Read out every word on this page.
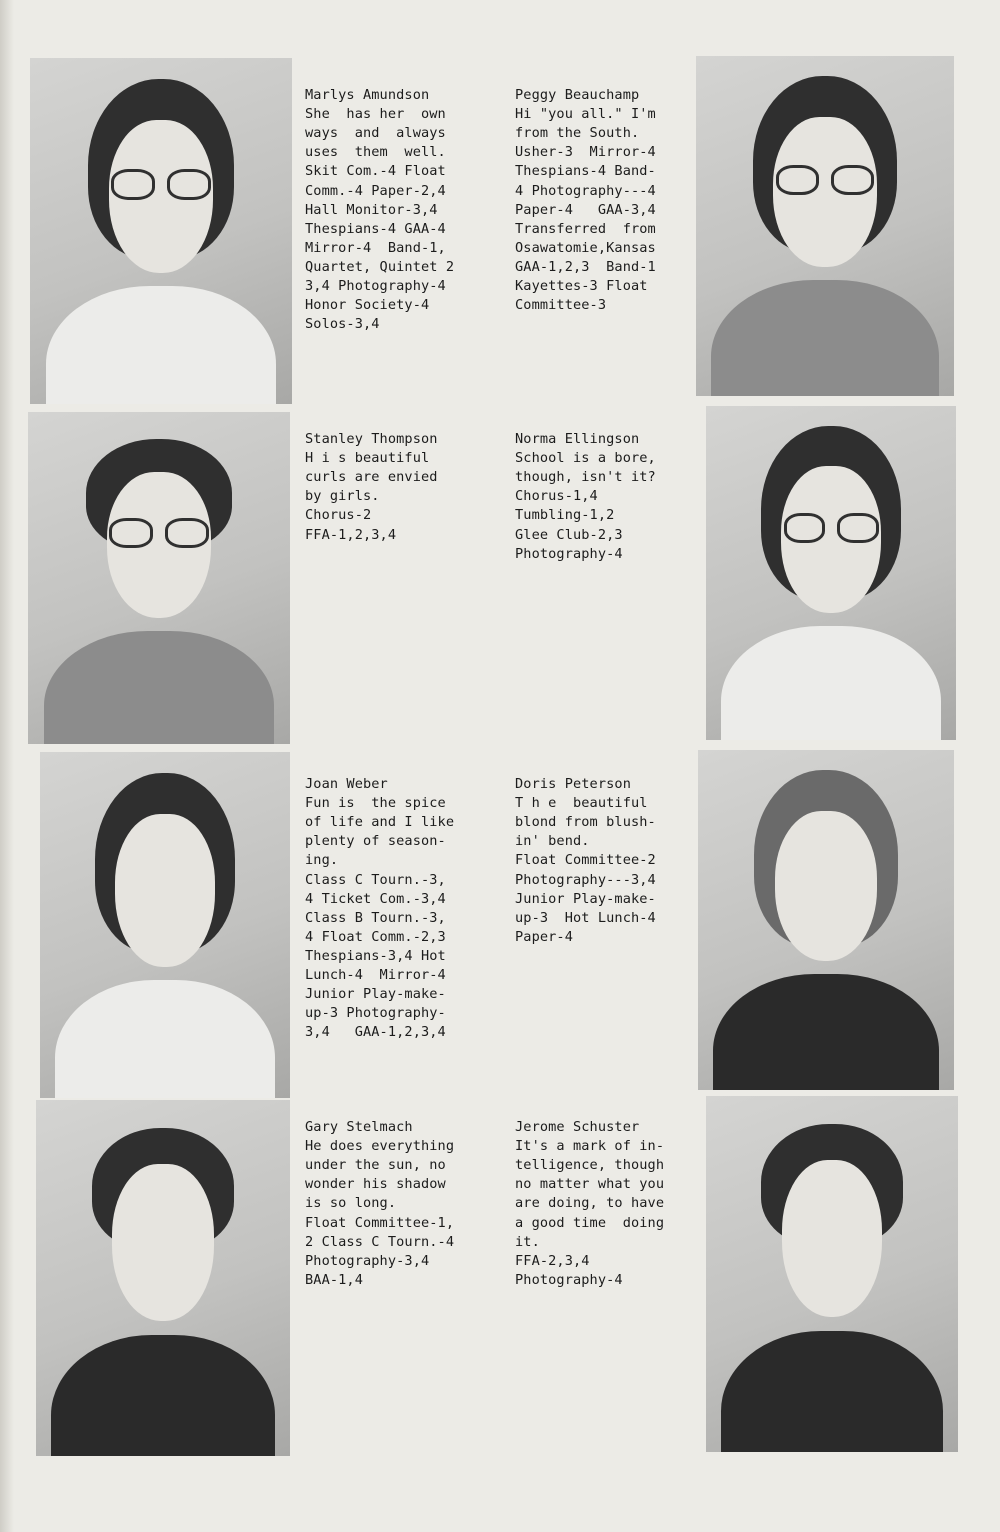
Marlys Amundson
She  has her  own
ways  and  always
uses  them  well.
Skit Com.-4 Float
Comm.-4 Paper-2,4
Hall Monitor-3,4
Thespians-4 GAA-4
Mirror-4  Band-1,
Quartet, Quintet 2
3,4 Photography-4
Honor Society-4
Solos-3,4

Peggy Beauchamp
Hi "you all." I'm
from the South.
Usher-3  Mirror-4
Thespians-4 Band-
4 Photography---4
Paper-4   GAA-3,4
Transferred  from
Osawatomie,Kansas
GAA-1,2,3  Band-1
Kayettes-3 Float
Committee-3

Stanley Thompson
H i s beautiful
curls are envied
by girls.
Chorus-2
FFA-1,2,3,4

Norma Ellingson
School is a bore,
though, isn't it?
Chorus-1,4
Tumbling-1,2
Glee Club-2,3
Photography-4

Joan Weber
Fun is  the spice
of life and I like
plenty of season-
ing.
Class C Tourn.-3,
4 Ticket Com.-3,4
Class B Tourn.-3,
4 Float Comm.-2,3
Thespians-3,4 Hot
Lunch-4  Mirror-4
Junior Play-make-
up-3 Photography-
3,4   GAA-1,2,3,4

Doris Peterson
T h e  beautiful
blond from blush-
in' bend.
Float Committee-2
Photography---3,4
Junior Play-make-
up-3  Hot Lunch-4
Paper-4

Gary Stelmach
He does everything
under the sun, no
wonder his shadow
is so long.
Float Committee-1,
2 Class C Tourn.-4
Photography-3,4
BAA-1,4

Jerome Schuster
It's a mark of in-
telligence, though
no matter what you
are doing, to have
a good time  doing
it.
FFA-2,3,4
Photography-4
